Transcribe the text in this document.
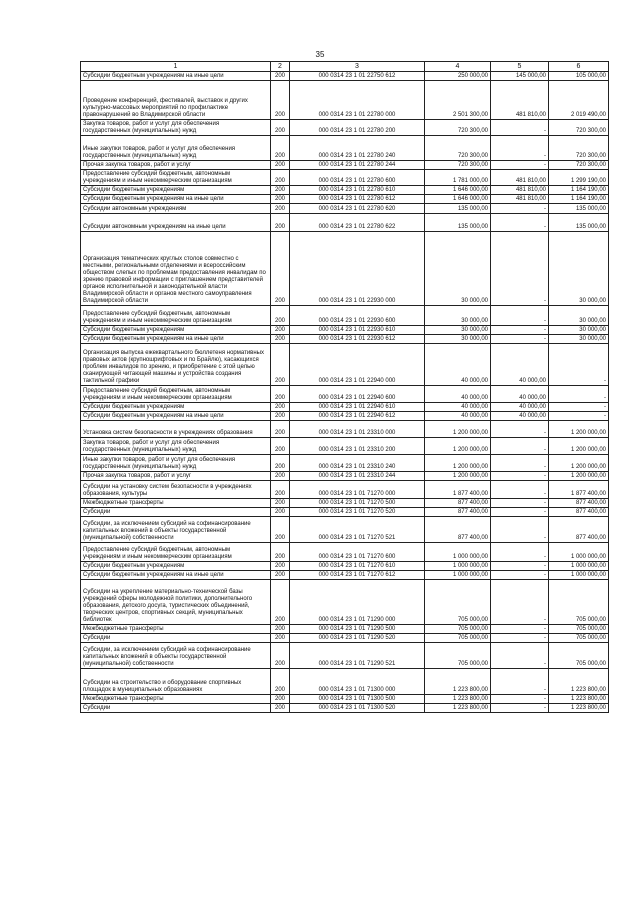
35
1	2	3	4	5	6
Субсидии бюджетным учреждениям на иные цели	200	000 0314 23 1 01 22750 612	250 000,00	145 000,00	105 000,00
Проведение конференций, фестивалей, выставок и других культурно-массовых мероприятий по профилактике правонарушений во Владимирской области	200	000 0314 23 1 01 22780 000	2 501 300,00	481 810,00	2 019 490,00
Закупка товаров, работ и услуг для обеспечения государственных (муниципальных) нужд	200	000 0314 23 1 01 22780 200	720 300,00	-	720 300,00
Иные закупки товаров, работ и услуг для обеспечения государственных (муниципальных) нужд	200	000 0314 23 1 01 22780 240	720 300,00	-	720 300,00
Прочая закупка товаров, работ и услуг	200	000 0314 23 1 01 22780 244	720 300,00	-	720 300,00
Предоставление субсидий бюджетным, автономным учреждениям и иным некоммерческим организациям	200	000 0314 23 1 01 22780 600	1 781 000,00	481 810,00	1 299 190,00
Субсидии бюджетным учреждениям	200	000 0314 23 1 01 22780 610	1 646 000,00	481 810,00	1 164 190,00
Субсидии бюджетным учреждениям на иные цели	200	000 0314 23 1 01 22780 612	1 646 000,00	481 810,00	1 164 190,00
Субсидии автономным учреждениям	200	000 0314 23 1 01 22780 620	135 000,00	-	135 000,00
Субсидии автономным учреждениям на иные цели	200	000 0314 23 1 01 22780 622	135 000,00	-	135 000,00
Организация тематических круглых столов совместно с местными, региональными отделениями и всероссийским обществом слепых по проблемам предоставления инвалидам по зрению правовой информации с приглашением представителей органов исполнительной и законодательной власти Владимирской области и органов местного самоуправления Владимирской области	200	000 0314 23 1 01 22930 000	30 000,00	-	30 000,00
Предоставление субсидий бюджетным, автономным учреждениям и иным некоммерческим организациям	200	000 0314 23 1 01 22930 600	30 000,00	-	30 000,00
Субсидии бюджетным учреждениям	200	000 0314 23 1 01 22930 610	30 000,00	-	30 000,00
Субсидии бюджетным учреждениям на иные цели	200	000 0314 23 1 01 22930 612	30 000,00	-	30 000,00
Организация выпуска ежеквартального бюллетеня нормативных правовых актов (крупношрифтовых и по Брайлю), касающихся проблем инвалидов по зрению, и приобретение с этой целью сканирующей читающей машины и устройства создания тактильной графики	200	000 0314 23 1 01 22940 000	40 000,00	40 000,00	-
Предоставление субсидий бюджетным, автономным учреждениям и иным некоммерческим организациям	200	000 0314 23 1 01 22940 600	40 000,00	40 000,00	-
Субсидии бюджетным учреждениям	200	000 0314 23 1 01 22940 610	40 000,00	40 000,00	-
Субсидии бюджетным учреждениям на иные цели	200	000 0314 23 1 01 22940 612	40 000,00	40 000,00	-
Установка систем безопасности в учреждениях образования	200	000 0314 23 1 01 23310 000	1 200 000,00	-	1 200 000,00
Закупка товаров, работ и услуг для обеспечения государственных (муниципальных) нужд	200	000 0314 23 1 01 23310 200	1 200 000,00	-	1 200 000,00
Иные закупки товаров, работ и услуг для обеспечения государственных (муниципальных) нужд	200	000 0314 23 1 01 23310 240	1 200 000,00	-	1 200 000,00
Прочая закупка товаров, работ и услуг	200	000 0314 23 1 01 23310 244	1 200 000,00	-	1 200 000,00
Субсидии на установку систем безопасности в учреждениях образования, культуры	200	000 0314 23 1 01 71270 000	1 877 400,00	-	1 877 400,00
Межбюджетные трансферты	200	000 0314 23 1 01 71270 500	877 400,00	-	877 400,00
Субсидии	200	000 0314 23 1 01 71270 520	877 400,00	-	877 400,00
Субсидии, за исключением субсидий на софинансирование капитальных вложений в объекты государственной (муниципальной) собственности	200	000 0314 23 1 01 71270 521	877 400,00	-	877 400,00
Предоставление субсидий бюджетным, автономным учреждениям и иным некоммерческим организациям	200	000 0314 23 1 01 71270 600	1 000 000,00	-	1 000 000,00
Субсидии бюджетным учреждениям	200	000 0314 23 1 01 71270 610	1 000 000,00	-	1 000 000,00
Субсидии бюджетным учреждениям на иные цели	200	000 0314 23 1 01 71270 612	1 000 000,00	-	1 000 000,00
Субсидии на укрепление материально-технической базы учреждений сферы молодежной политики, дополнительного образования, детского досуга, туристических объединений, творческих центров, спортивных секций, муниципальных библиотек	200	000 0314 23 1 01 71290 000	705 000,00	-	705 000,00
Межбюджетные трансферты	200	000 0314 23 1 01 71290 500	705 000,00	-	705 000,00
Субсидии	200	000 0314 23 1 01 71290 520	705 000,00	-	705 000,00
Субсидии, за исключением субсидий на софинансирование капитальных вложений в объекты государственной (муниципальной) собственности	200	000 0314 23 1 01 71290 521	705 000,00	-	705 000,00
Субсидии на строительство и оборудование спортивных площадок в муниципальных образованиях	200	000 0314 23 1 01 71300 000	1 223 800,00	-	1 223 800,00
Межбюджетные трансферты	200	000 0314 23 1 01 71300 500	1 223 800,00	-	1 223 800,00
Субсидии	200	000 0314 23 1 01 71300 520	1 223 800,00	-	1 223 800,00
